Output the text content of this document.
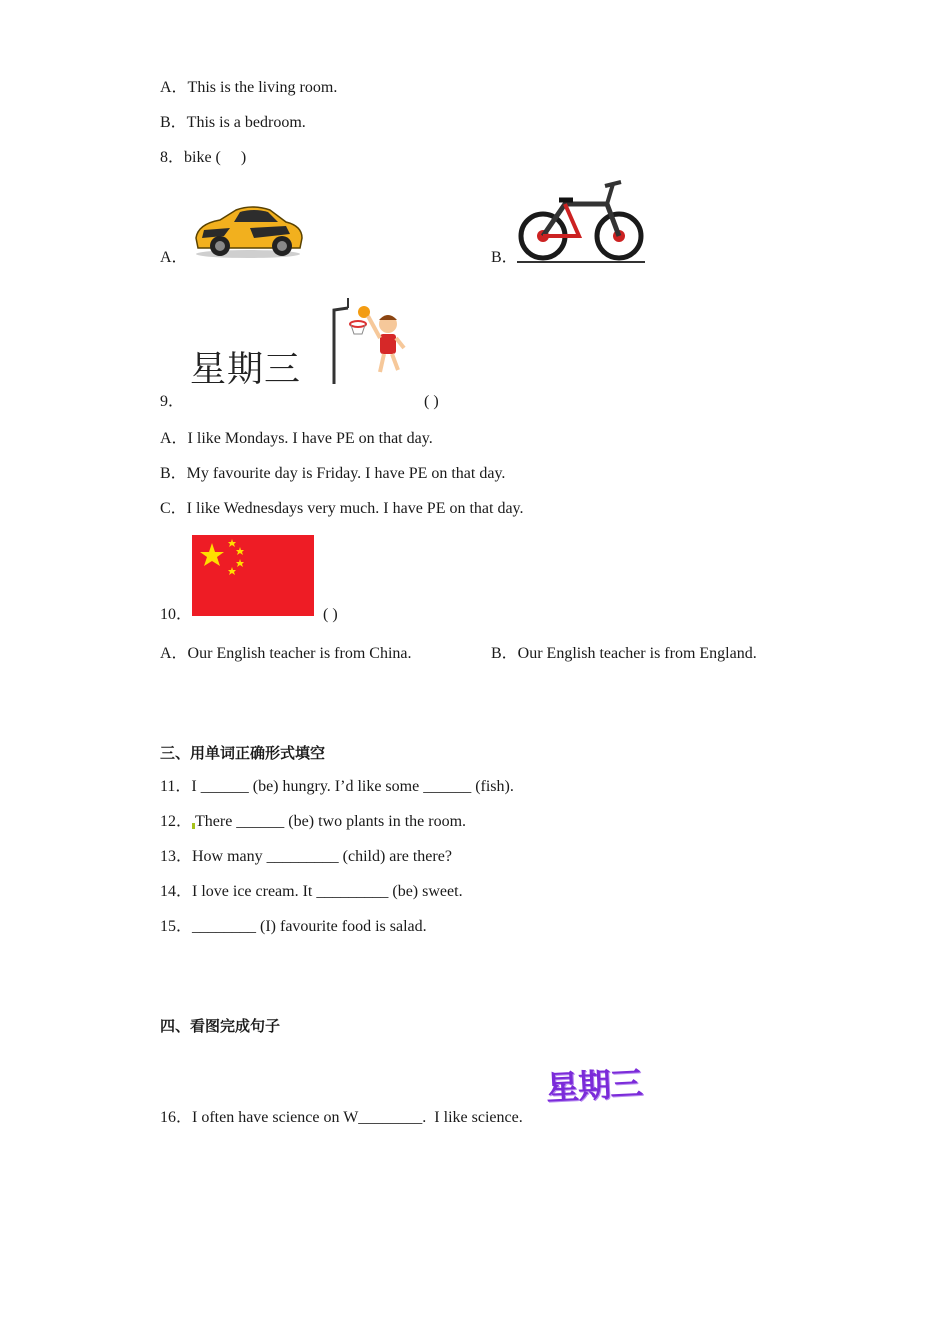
A．This is the living room.
B．This is a bedroom.
8．bike (　 )
A．	B．
9．
星期三
( )
A．I like Mondays. I have PE on that day.
B．My favourite day is Friday. I have PE on that day.
C．I like Wednesdays very much. I have PE on that day.
10．	( )
A．Our English teacher is from China.	B．Our English teacher is from England.
三、用单词正确形式填空
11．I ______ (be) hungry. I’d like some ______ (fish).
12． There ______ (be) two plants in the room.
13．How many _________ (child) are there?
14．I love ice cream. It _________ (be) sweet.
15．________ (I) favourite food is salad.
四、看图完成句子
16．I often have science on W________.  I like science.
星期三
